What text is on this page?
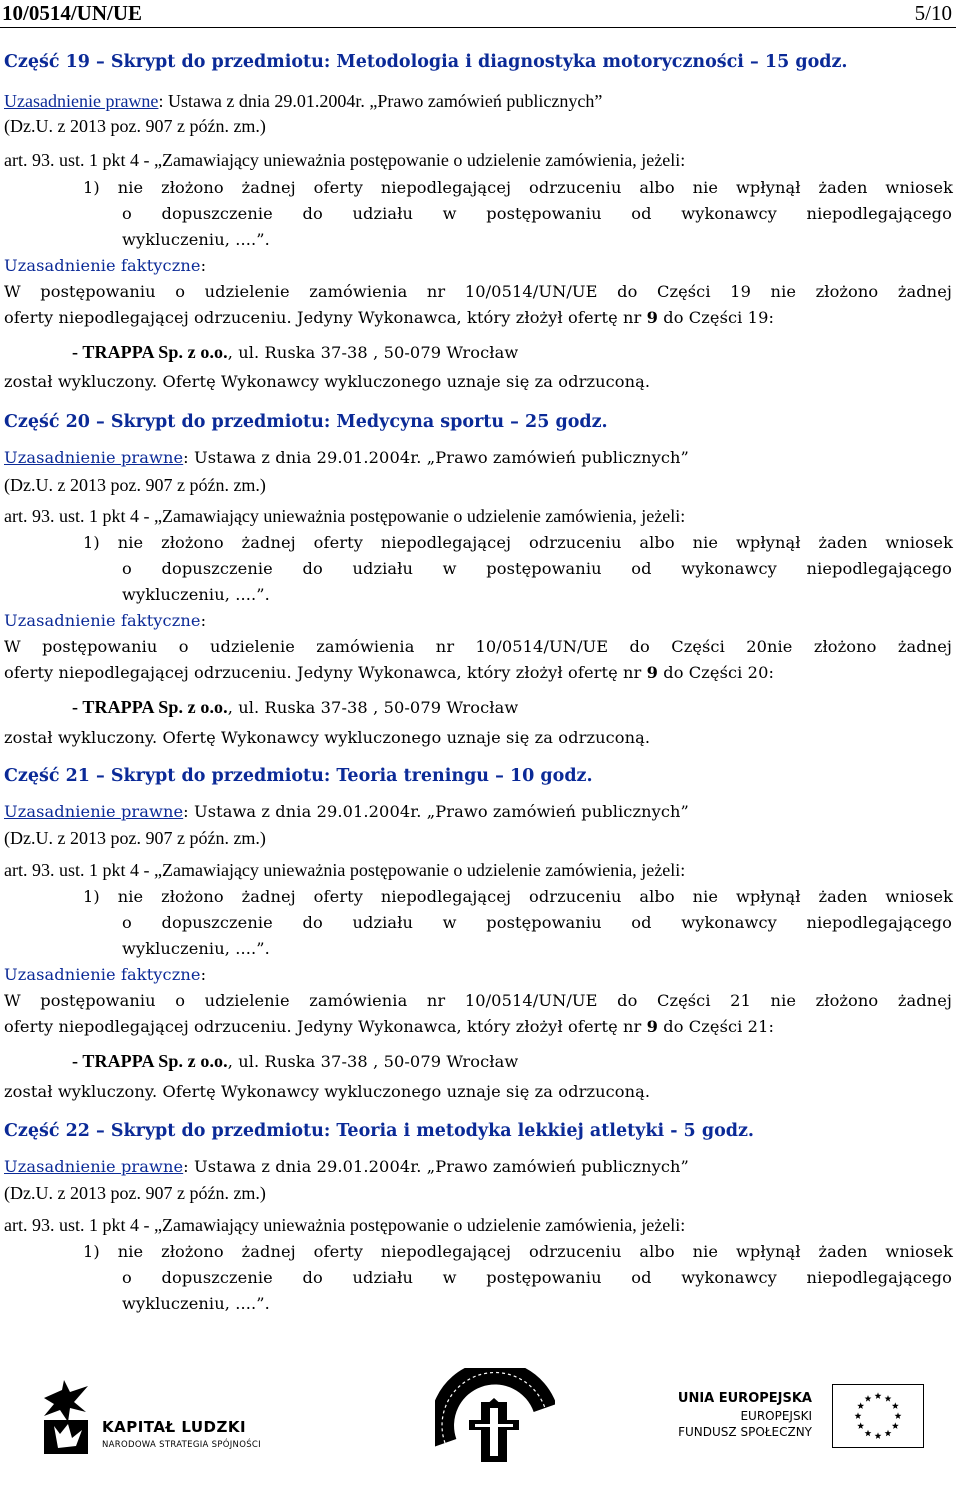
10/0514/UN/UE	5/10
Część 19 – Skrypt do przedmiotu: Metodologia i diagnostyka motoryczności – 15 godz.
Uzasadnienie prawne: Ustawa z dnia 29.01.2004r. „Prawo zamówień publicznych”
(Dz.U. z 2013 poz. 907 z późn. zm.)
art. 93. ust. 1 pkt 4 - „Zamawiający unieważnia postępowanie o udzielenie zamówienia, jeżeli:
1) nie złożono żadnej oferty niepodlegającej odrzuceniu albo nie wpłynął żaden wniosek
o dopuszczenie do udziału w postępowaniu od wykonawcy niepodlegającego
wykluczeniu, ....”.
Uzasadnienie faktyczne:
W postępowaniu o udzielenie zamówienia nr 10/0514/UN/UE do Części 19 nie złożono żadnej
oferty niepodlegającej odrzuceniu. Jedyny Wykonawca, który złożył ofertę nr 9 do Części 19:
- TRAPPA Sp. z o.o., ul. Ruska 37-38 , 50-079 Wrocław
został wykluczony. Ofertę Wykonawcy wykluczonego uznaje się za odrzuconą.
Część 20 – Skrypt do przedmiotu: Medycyna sportu – 25 godz.
Uzasadnienie prawne: Ustawa z dnia 29.01.2004r. „Prawo zamówień publicznych”
(Dz.U. z 2013 poz. 907 z późn. zm.)
art. 93. ust. 1 pkt 4 - „Zamawiający unieważnia postępowanie o udzielenie zamówienia, jeżeli:
1) nie złożono żadnej oferty niepodlegającej odrzuceniu albo nie wpłynął żaden wniosek
o dopuszczenie do udziału w postępowaniu od wykonawcy niepodlegającego
wykluczeniu, ....”.
Uzasadnienie faktyczne:
W postępowaniu o udzielenie zamówienia nr 10/0514/UN/UE do Części 20nie złożono żadnej
oferty niepodlegającej odrzuceniu. Jedyny Wykonawca, który złożył ofertę nr 9 do Części 20:
- TRAPPA Sp. z o.o., ul. Ruska 37-38 , 50-079 Wrocław
został wykluczony. Ofertę Wykonawcy wykluczonego uznaje się za odrzuconą.
Część 21 – Skrypt do przedmiotu: Teoria treningu – 10 godz.
Uzasadnienie prawne: Ustawa z dnia 29.01.2004r. „Prawo zamówień publicznych”
(Dz.U. z 2013 poz. 907 z późn. zm.)
art. 93. ust. 1 pkt 4 - „Zamawiający unieważnia postępowanie o udzielenie zamówienia, jeżeli:
1) nie złożono żadnej oferty niepodlegającej odrzuceniu albo nie wpłynął żaden wniosek
o dopuszczenie do udziału w postępowaniu od wykonawcy niepodlegającego
wykluczeniu, ....”.
Uzasadnienie faktyczne:
W postępowaniu o udzielenie zamówienia nr 10/0514/UN/UE do Części 21 nie złożono żadnej
oferty niepodlegającej odrzuceniu. Jedyny Wykonawca, który złożył ofertę nr 9 do Części 21:
- TRAPPA Sp. z o.o., ul. Ruska 37-38 , 50-079 Wrocław
został wykluczony. Ofertę Wykonawcy wykluczonego uznaje się za odrzuconą.
Część 22 – Skrypt do przedmiotu: Teoria i metodyka lekkiej atletyki - 5 godz.
Uzasadnienie prawne: Ustawa z dnia 29.01.2004r. „Prawo zamówień publicznych”
(Dz.U. z 2013 poz. 907 z późn. zm.)
art. 93. ust. 1 pkt 4 - „Zamawiający unieważnia postępowanie o udzielenie zamówienia, jeżeli:
1) nie złożono żadnej oferty niepodlegającej odrzuceniu albo nie wpłynął żaden wniosek
o dopuszczenie do udziału w postępowaniu od wykonawcy niepodlegającego
wykluczeniu, ....”.
KAPITAŁ LUDZKI
NARODOWA STRATEGIA SPÓJNOŚCI
UNIA EUROPEJSKA
EUROPEJSKI
FUNDUSZ SPOŁECZNY
